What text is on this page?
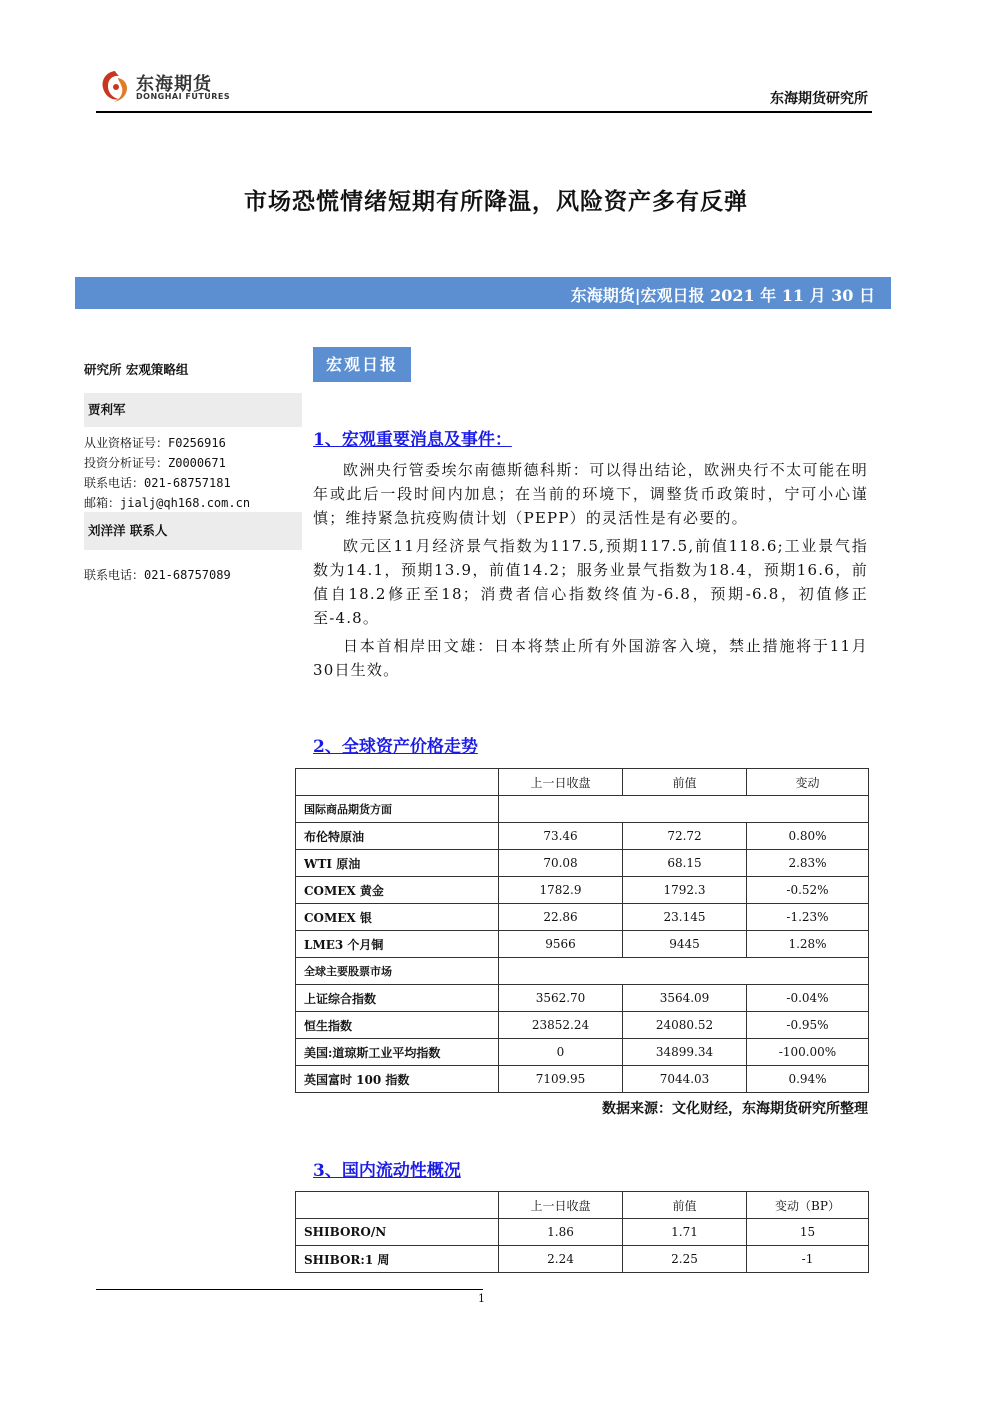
东海期货
DONGHAI FUTURES	东海期货研究所
市场恐慌情绪短期有所降温，风险资产多有反弹
东海期货|宏观日报 2021 年 11 月 30 日
研究所 宏观策略组
贾利军
从业资格证号：F0256916
投资分析证号：Z0000671
联系电话：021-68757181
邮箱：jialj@qh168.com.cn
刘洋洋 联系人
联系电话：021-68757089
宏观日报
1、宏观重要消息及事件：

欧洲央行管委埃尔南德斯德科斯：可以得出结论，欧洲央行不太可能在明年或此后一段时间内加息；在当前的环境下，调整货币政策时，宁可小心谨慎；维持紧急抗疫购债计划（PEPP）的灵活性是有必要的。

欧元区11月经济景气指数为117.5,预期117.5,前值118.6;工业景气指数为14.1，预期13.9，前值14.2；服务业景气指数为18.4，预期16.6，前值自18.2修正至18；消费者信心指数终值为-6.8，预期-6.8，初值修正至-4.8。

日本首相岸田文雄：日本将禁止所有外国游客入境，禁止措施将于11月30日生效。

2、全球资产价格走势
	上一日收盘	前值	变动
国际商品期货方面			
布伦特原油	73.46	72.72	0.80%
WTI 原油	70.08	68.15	2.83%
COMEX 黄金	1782.9	1792.3	-0.52%
COMEX 银	22.86	23.145	-1.23%
LME3 个月铜	9566	9445	1.28%
全球主要股票市场			
上证综合指数	3562.70	3564.09	-0.04%
恒生指数	23852.24	24080.52	-0.95%
美国:道琼斯工业平均指数	0	34899.34	-100.00%
英国富时 100 指数	7109.95	7044.03	0.94%
数据来源：文化财经，东海期货研究所整理
3、国内流动性概况
	上一日收盘	前值	变动（BP）
SHIBORO/N	1.86	1.71	15
SHIBOR:1 周	2.24	2.25	-1
1
